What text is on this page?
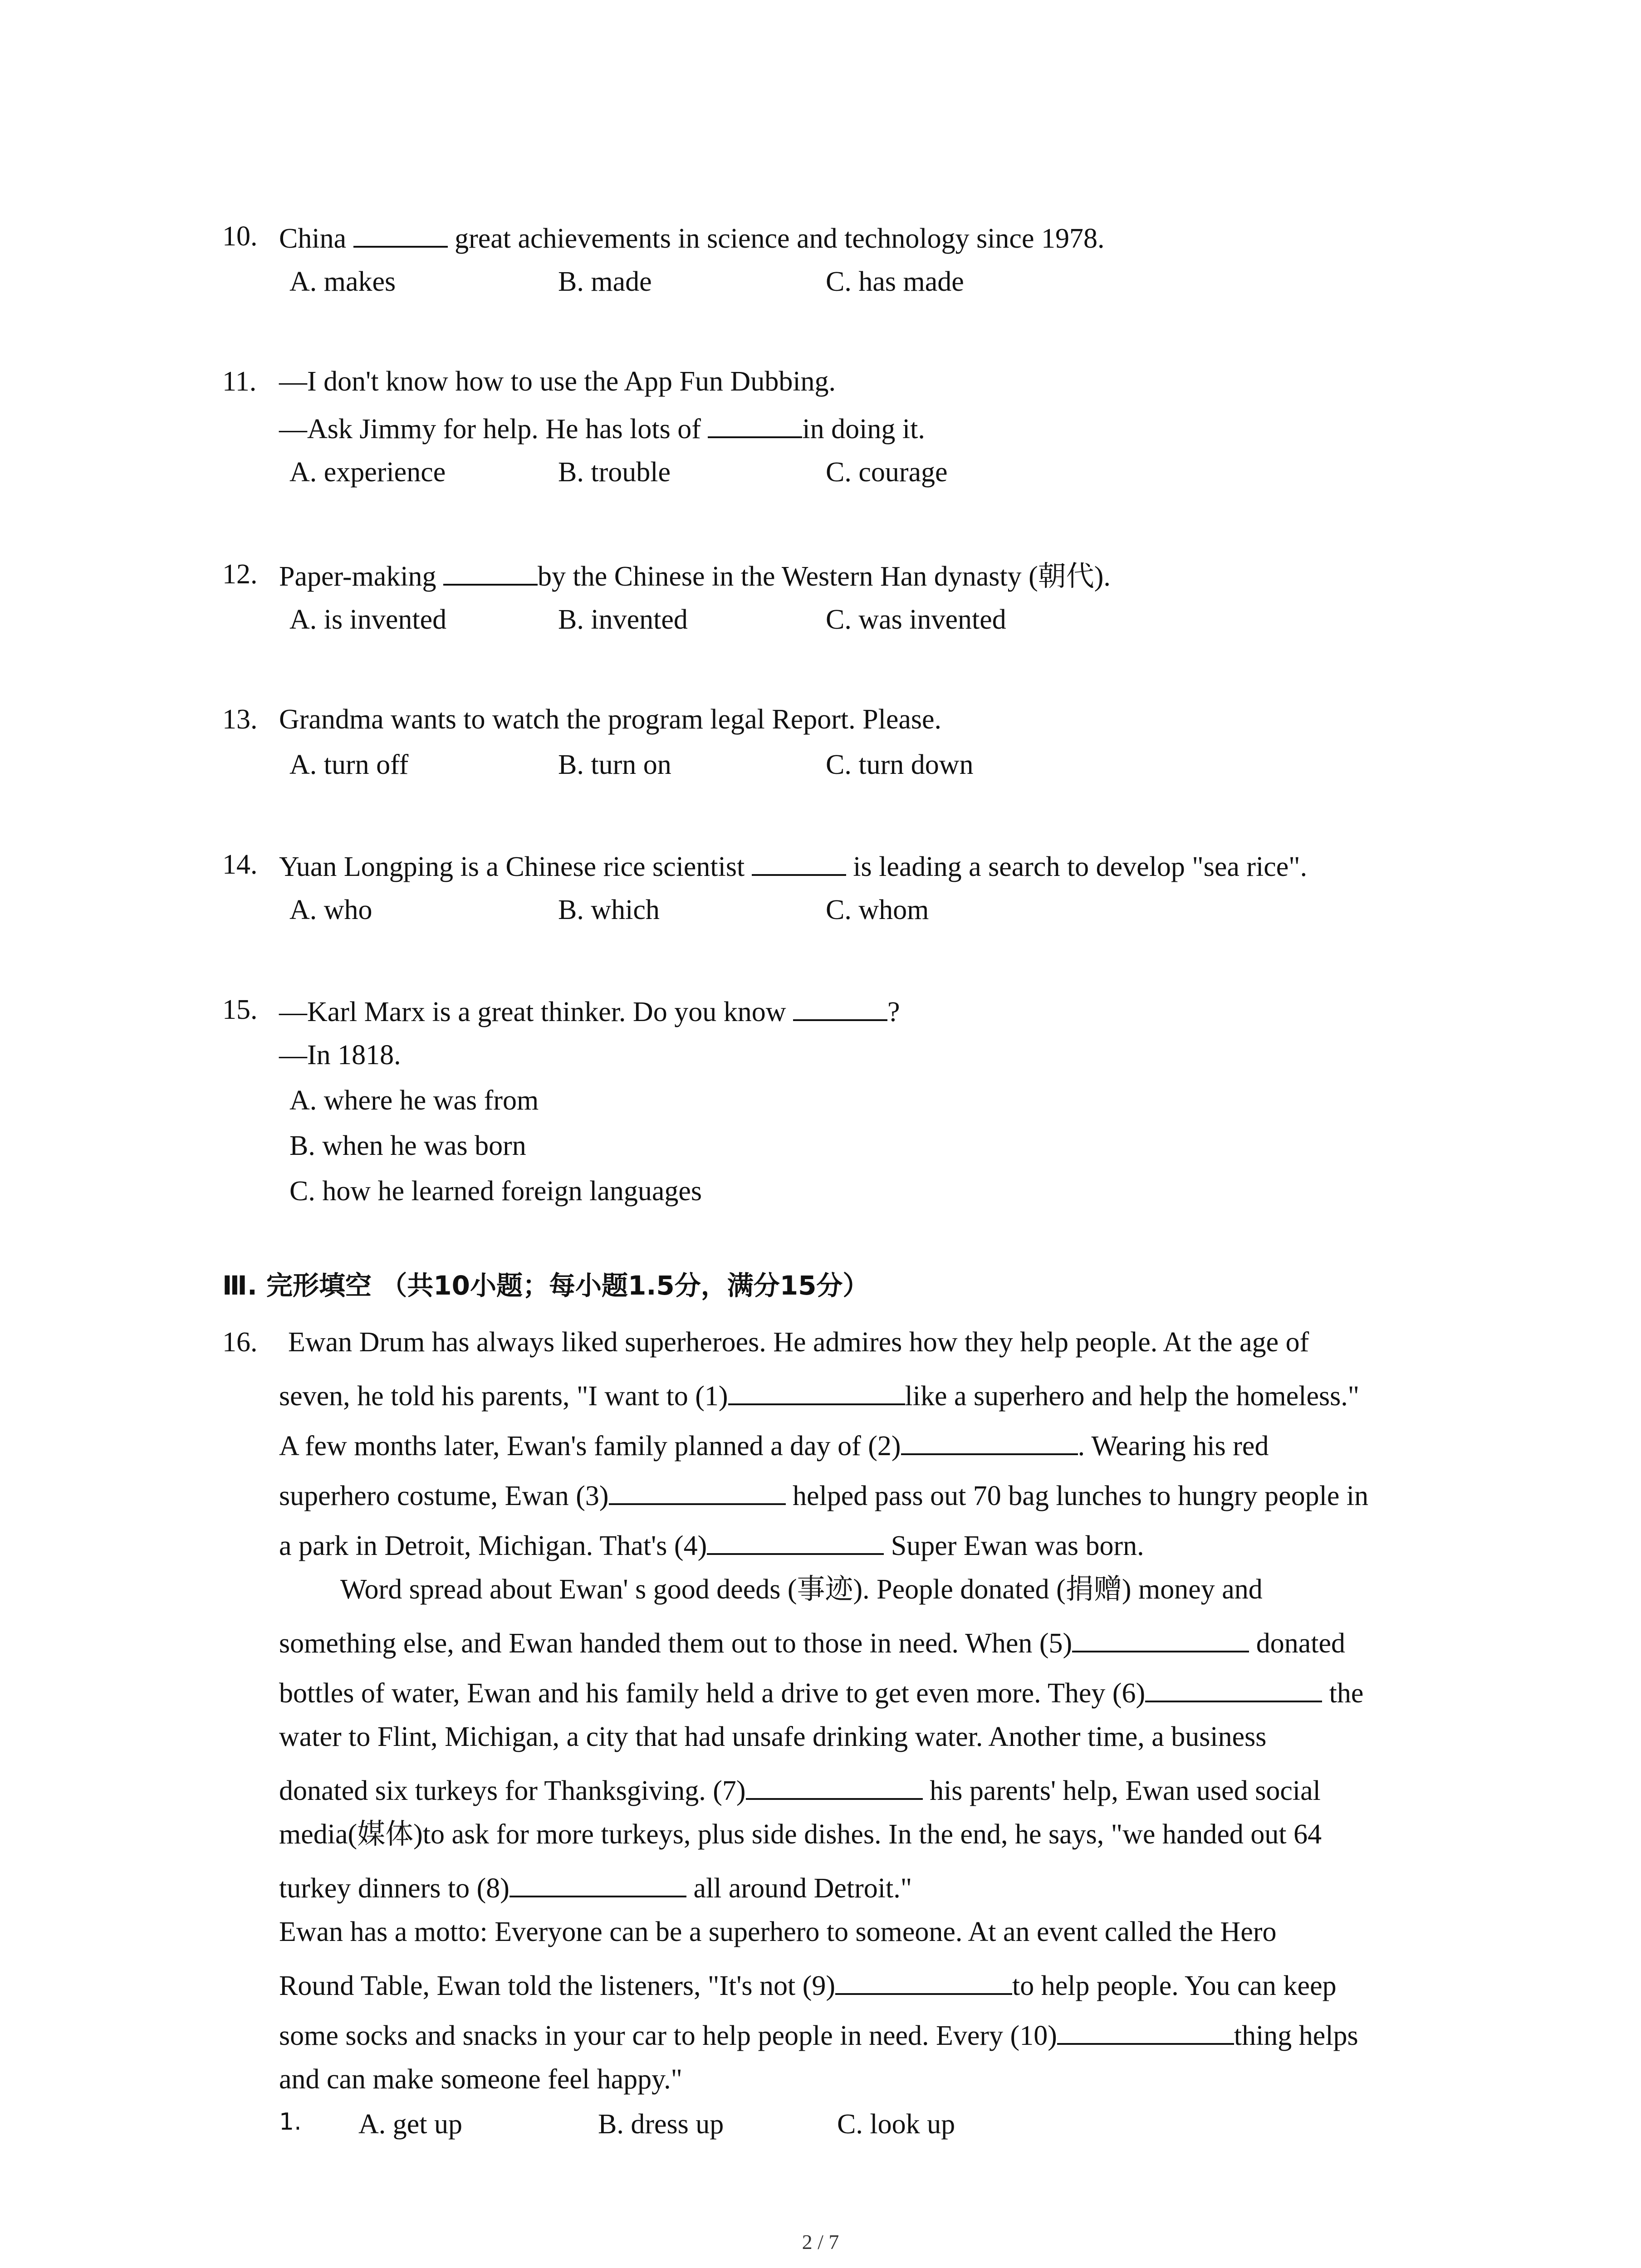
10. China	great achievements in science and technology since 1978.
A. makes	B. made	C. has made
11. —I don't know how to use the App Fun Dubbing.
—Ask Jimmy for help. He has lots of	in doing it.
A. experience	B. trouble	C. courage
12. Paper-making	by the Chinese in the Western Han dynasty (朝代).
A. is invented	B. invented	C. was invented
13. Grandma wants to watch the program legal Report. Please.
A. turn off	B. turn on	C. turn down
14. Yuan Longping is a Chinese rice scientist	is leading a search to develop "sea rice".
A. who	B. which	C. whom
15. —Karl Marx is a great thinker. Do you know	?
—In 1818.
A. where he was from
B. when he was born
C. how he learned foreign languages
Ⅲ. 完形填空 （共10小题；每小题1.5分，满分15分）
16. Ewan Drum has always liked superheroes. He admires how they help people. At the age of
seven, he told his parents, "I want to (1)	like a superhero and help the homeless."
A few months later, Ewan's family planned a day of (2)	. Wearing his red
superhero costume, Ewan (3)	helped pass out 70 bag lunches to hungry people in
a park in Detroit, Michigan. That's (4)	Super Ewan was born.
Word spread about Ewan' s good deeds (事迹). People donated (捐赠) money and
something else, and Ewan handed them out to those in need. When (5)	donated
bottles of water, Ewan and his family held a drive to get even more. They (6)	the
water to Flint, Michigan, a city that had unsafe drinking water. Another time, a business
donated six turkeys for Thanksgiving. (7)	his parents' help, Ewan used social
media(媒体)to ask for more turkeys, plus side dishes. In the end, he says, "we handed out 64
turkey dinners to (8)	all around Detroit."
Ewan has a motto: Everyone can be a superhero to someone. At an event called the Hero
Round Table, Ewan told the listeners, "It's not (9)	to help people. You can keep
some socks and snacks in your car to help people in need. Every (10)	thing helps
and can make someone feel happy."
1. A. get up	B. dress up	C. look up
2 / 7
